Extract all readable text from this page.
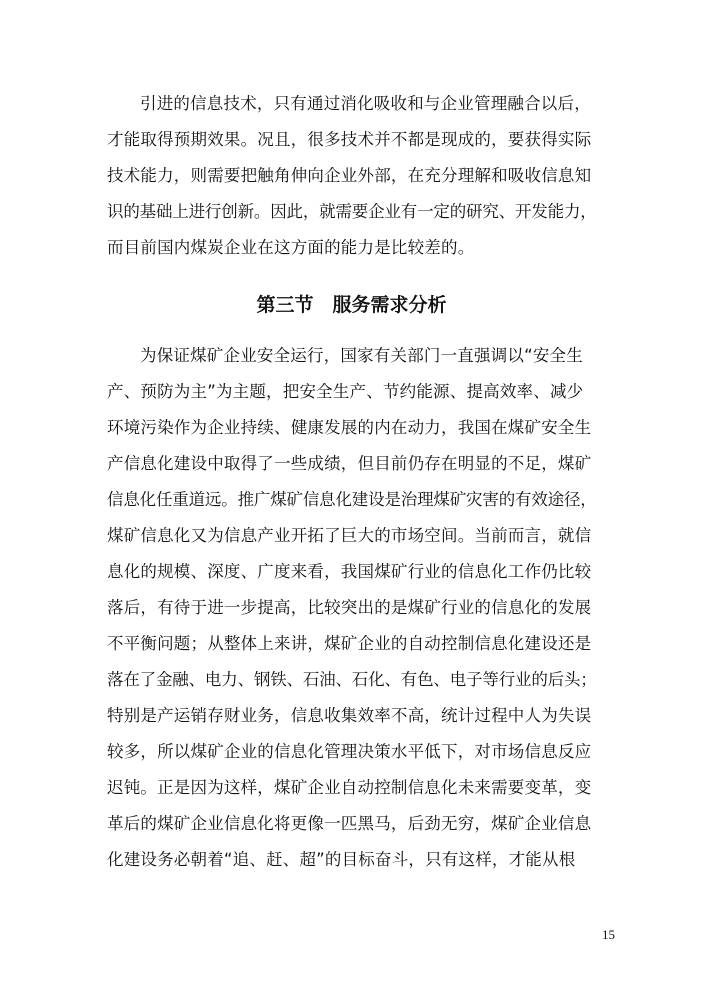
引进的信息技术，只有通过消化吸收和与企业管理融合以后，
才能取得预期效果。况且，很多技术并不都是现成的，要获得实际
技术能力，则需要把触角伸向企业外部，在充分理解和吸收信息知
识的基础上进行创新。因此，就需要企业有一定的研究、开发能力，
而目前国内煤炭企业在这方面的能力是比较差的。
第三节　服务需求分析
为保证煤矿企业安全运行，国家有关部门一直强调以“安全生
产、预防为主”为主题，把安全生产、节约能源、提高效率、减少
环境污染作为企业持续、健康发展的内在动力，我国在煤矿安全生
产信息化建设中取得了一些成绩，但目前仍存在明显的不足，煤矿
信息化任重道远。推广煤矿信息化建设是治理煤矿灾害的有效途径，
煤矿信息化又为信息产业开拓了巨大的市场空间。当前而言，就信
息化的规模、深度、广度来看，我国煤矿行业的信息化工作仍比较
落后，有待于进一步提高，比较突出的是煤矿行业的信息化的发展
不平衡问题；从整体上来讲，煤矿企业的自动控制信息化建设还是
落在了金融、电力、钢铁、石油、石化、有色、电子等行业的后头；
特别是产运销存财业务，信息收集效率不高，统计过程中人为失误
较多，所以煤矿企业的信息化管理决策水平低下，对市场信息反应
迟钝。正是因为这样，煤矿企业自动控制信息化未来需要变革，变
革后的煤矿企业信息化将更像一匹黑马，后劲无穷，煤矿企业信息
化建设务必朝着“追、赶、超”的目标奋斗，只有这样，才能从根
15
